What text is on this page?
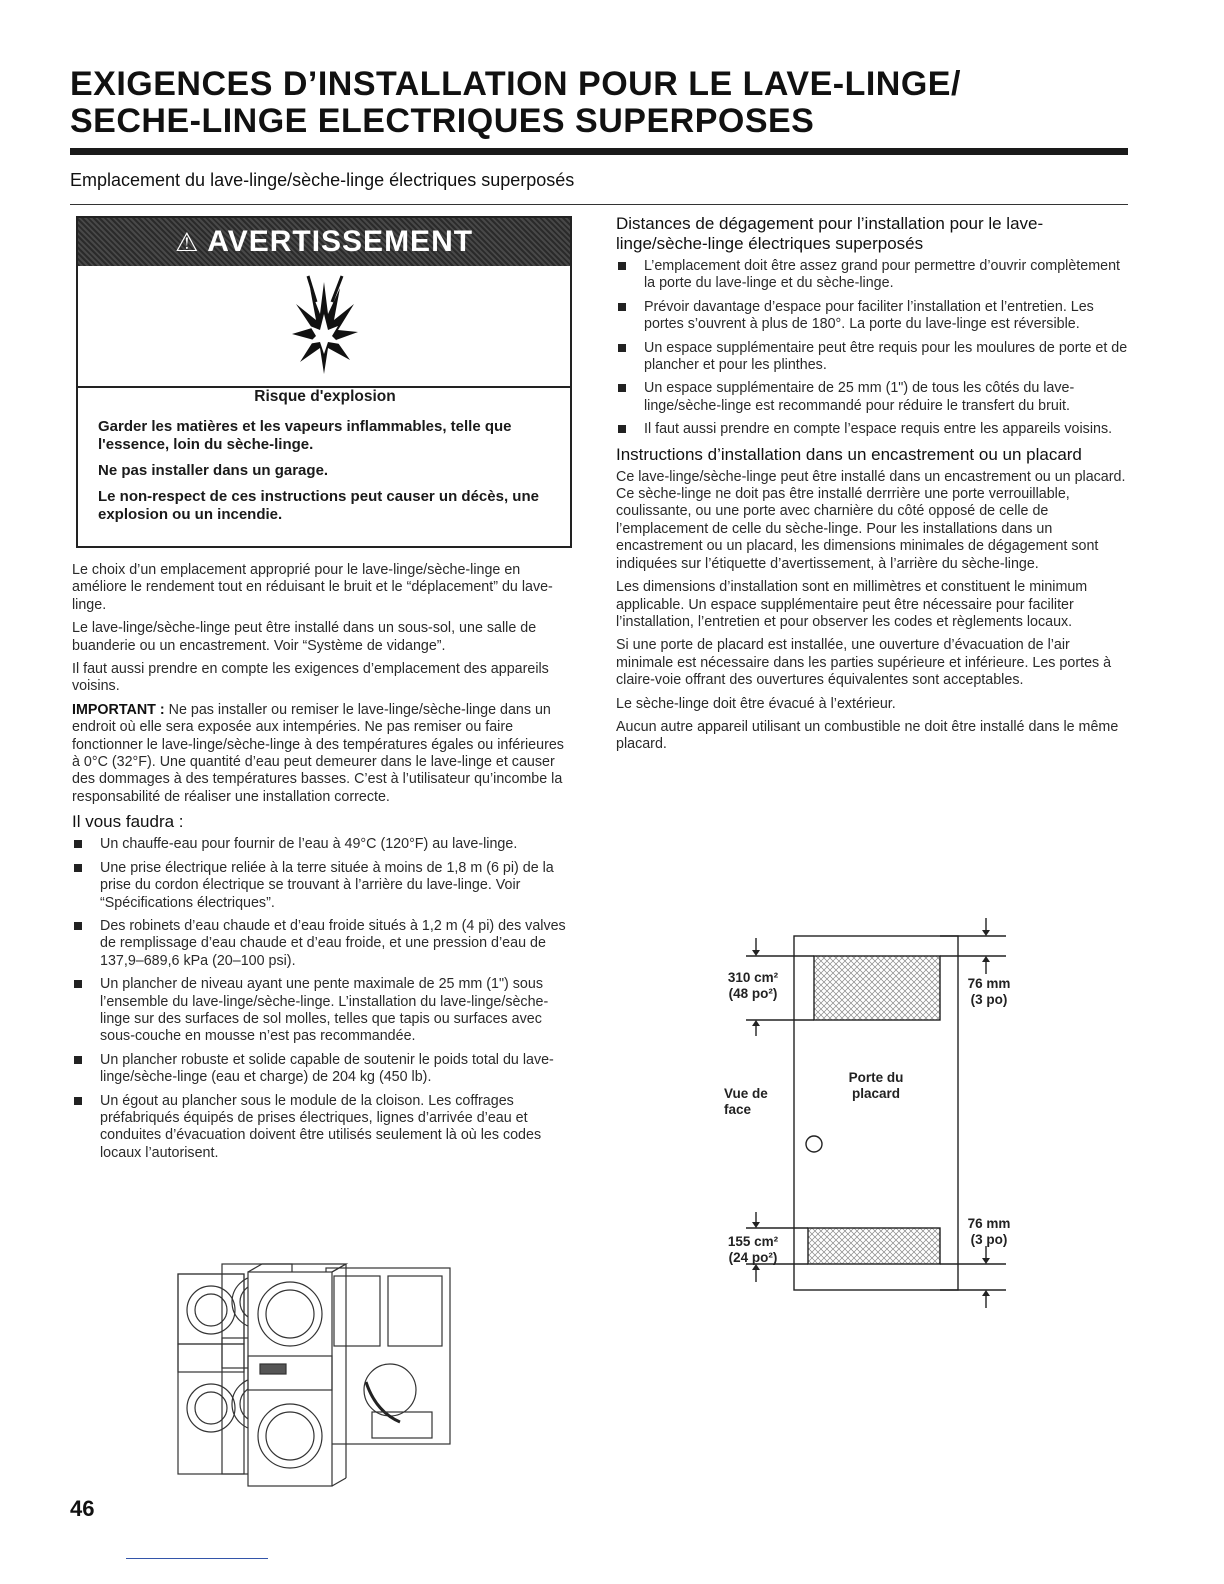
EXIGENCES D’INSTALLATION POUR LE LAVE-LINGE/
SECHE-LINGE ELECTRIQUES SUPERPOSES
Emplacement du lave-linge/sèche-linge électriques superposés
⚠ AVERTISSEMENT

Risque d'explosion

Garder les matières et les vapeurs inflammables, telle que l'essence, loin du sèche-linge.

Ne pas installer dans un garage.

Le non-respect de ces instructions peut causer un décès, une explosion ou un incendie.

Le choix d’un emplacement approprié pour le lave-linge/sèche-linge en améliore le rendement tout en réduisant le bruit et le “déplacement” du lave-linge.

Le lave-linge/sèche-linge peut être installé dans un sous-sol, une salle de buanderie ou un encastrement. Voir “Système de vidange”.

Il faut aussi prendre en compte les exigences d’emplacement des appareils voisins.

IMPORTANT : Ne pas installer ou remiser le lave-linge/sèche-linge dans un endroit où elle sera exposée aux intempéries. Ne pas remiser ou faire fonctionner le lave-linge/sèche-linge à des températures égales ou inférieures à 0°C (32°F). Une quantité d’eau peut demeurer dans le lave-linge et causer des dommages à des températures basses. C’est à l’utilisateur qu’incombe la responsabilité de réaliser une installation correcte.

Il vous faudra :
Un chauffe-eau pour fournir de l’eau à 49°C (120°F) au lave-linge.
Une prise électrique reliée à la terre située à moins de 1,8 m (6 pi) de la prise du cordon électrique se trouvant à l’arrière du lave-linge. Voir “Spécifications électriques”.
Des robinets d’eau chaude et d’eau froide situés à 1,2 m (4 pi) des valves de remplissage d’eau chaude et d’eau froide, et une pression d’eau de 137,9–689,6 kPa (20–100 psi).
Un plancher de niveau ayant une pente maximale de 25 mm (1") sous l’ensemble du lave-linge/sèche-linge. L’installation du lave-linge/sèche-linge sur des surfaces de sol molles, telles que tapis ou surfaces avec sous-couche en mousse n’est pas recommandée.
Un plancher robuste et solide capable de soutenir le poids total du lave-linge/sèche-linge (eau et charge) de 204 kg (450 lb).
Un égout au plancher sous le module de la cloison. Les coffrages préfabriqués équipés de prises électriques, lignes d’arrivée d’eau et conduites d’évacuation doivent être utilisés seulement là où les codes locaux l’autorisent.
Distances de dégagement pour l’installation pour le lave-linge/sèche-linge électriques superposés
L’emplacement doit être assez grand pour permettre d’ouvrir complètement la porte du lave-linge et du sèche-linge.
Prévoir davantage d’espace pour faciliter l’installation et l’entretien. Les portes s’ouvrent à plus de 180°. La porte du lave-linge est réversible.
Un espace supplémentaire peut être requis pour les moulures de porte et de plancher et pour les plinthes.
Un espace supplémentaire de 25 mm (1") de tous les côtés du lave-linge/sèche-linge est recommandé pour réduire le transfert du bruit.
Il faut aussi prendre en compte l’espace requis entre les appareils voisins.
Instructions d’installation dans un encastrement ou un placard

Ce lave-linge/sèche-linge peut être installé dans un encastrement ou un placard. Ce sèche-linge ne doit pas être installé derrrière une porte verrouillable, coulissante, ou une porte avec charnière du côté opposé de celle de l’emplacement de celle du sèche-linge. Pour les installations dans un encastrement ou un placard, les dimensions minimales de dégagement sont indiquées sur l’étiquette d’avertissement, à l’arrière du sèche-linge.

Les dimensions d’installation sont en millimètres et constituent le minimum applicable. Un espace supplémentaire peut être nécessaire pour faciliter l’installation, l’entretien et pour observer les codes et règlements locaux.

Si une porte de placard est installée, une ouverture d’évacuation de l’air minimale est nécessaire dans les parties supérieure et inférieure. Les portes à claire-voie offrant des ouvertures équivalentes sont acceptables.

Le sèche-linge doit être évacué à l’extérieur.

Aucun autre appareil utilisant un combustible ne doit être installé dans le même placard.

310 cm²
(48 po²)
155 cm²
(24 po²)
76 mm
(3 po)
76 mm
(3 po)
Vue de
face
Porte du
placard
46
